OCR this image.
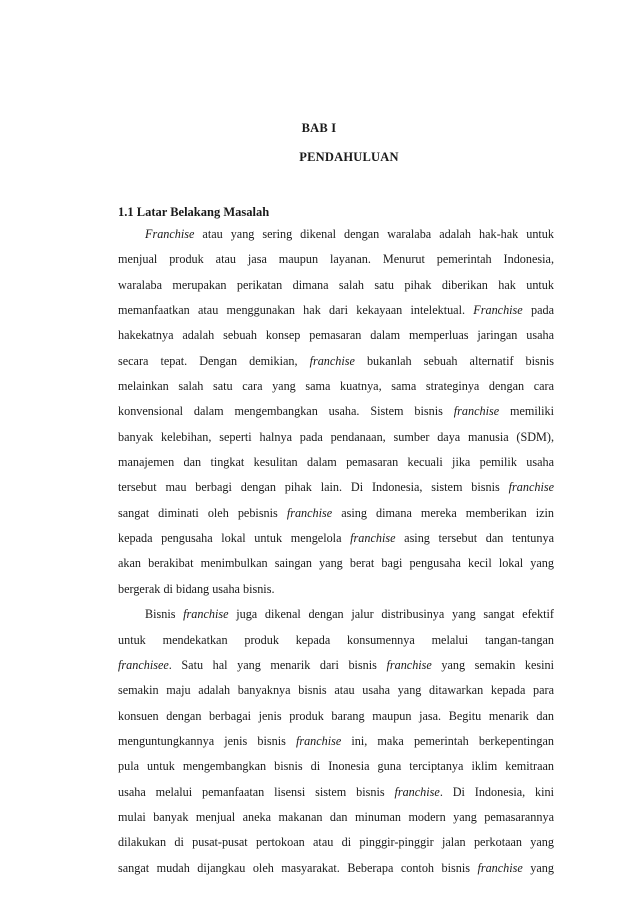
BAB I
PENDAHULUAN
1.1 Latar Belakang Masalah
Franchise atau yang sering dikenal dengan waralaba adalah hak-hak untuk
menjual produk atau jasa maupun layanan. Menurut pemerintah Indonesia,
waralaba merupakan perikatan dimana salah satu pihak diberikan hak untuk
memanfaatkan atau menggunakan hak dari kekayaan intelektual. Franchise pada
hakekatnya adalah sebuah konsep pemasaran dalam memperluas jaringan usaha
secara tepat. Dengan demikian, franchise bukanlah sebuah alternatif bisnis
melainkan salah satu cara yang sama kuatnya, sama strateginya dengan cara
konvensional dalam mengembangkan usaha. Sistem bisnis franchise memiliki
banyak kelebihan, seperti halnya pada pendanaan, sumber daya manusia (SDM),
manajemen dan tingkat kesulitan dalam pemasaran kecuali jika pemilik usaha
tersebut mau berbagi dengan pihak lain. Di Indonesia, sistem bisnis franchise
sangat diminati oleh pebisnis franchise asing dimana mereka memberikan izin
kepada pengusaha lokal untuk mengelola franchise asing tersebut dan tentunya
akan berakibat menimbulkan saingan yang berat bagi pengusaha kecil lokal yang
bergerak di bidang usaha bisnis.
Bisnis franchise juga dikenal dengan jalur distribusinya yang sangat efektif
untuk mendekatkan produk kepada konsumennya melalui tangan-tangan
franchisee. Satu hal yang menarik dari bisnis franchise yang semakin kesini
semakin maju adalah banyaknya bisnis atau usaha yang ditawarkan kepada para
konsuen dengan berbagai jenis produk barang maupun jasa. Begitu menarik dan
menguntungkannya jenis bisnis franchise ini, maka pemerintah berkepentingan
pula untuk mengembangkan bisnis di Inonesia guna terciptanya iklim kemitraan
usaha melalui pemanfaatan lisensi sistem bisnis franchise. Di Indonesia, kini
mulai banyak menjual aneka makanan dan minuman modern yang pemasarannya
dilakukan di pusat-pusat pertokoan atau di pinggir-pinggir jalan perkotaan yang
sangat mudah dijangkau oleh masyarakat. Beberapa contoh bisnis franchise yang
